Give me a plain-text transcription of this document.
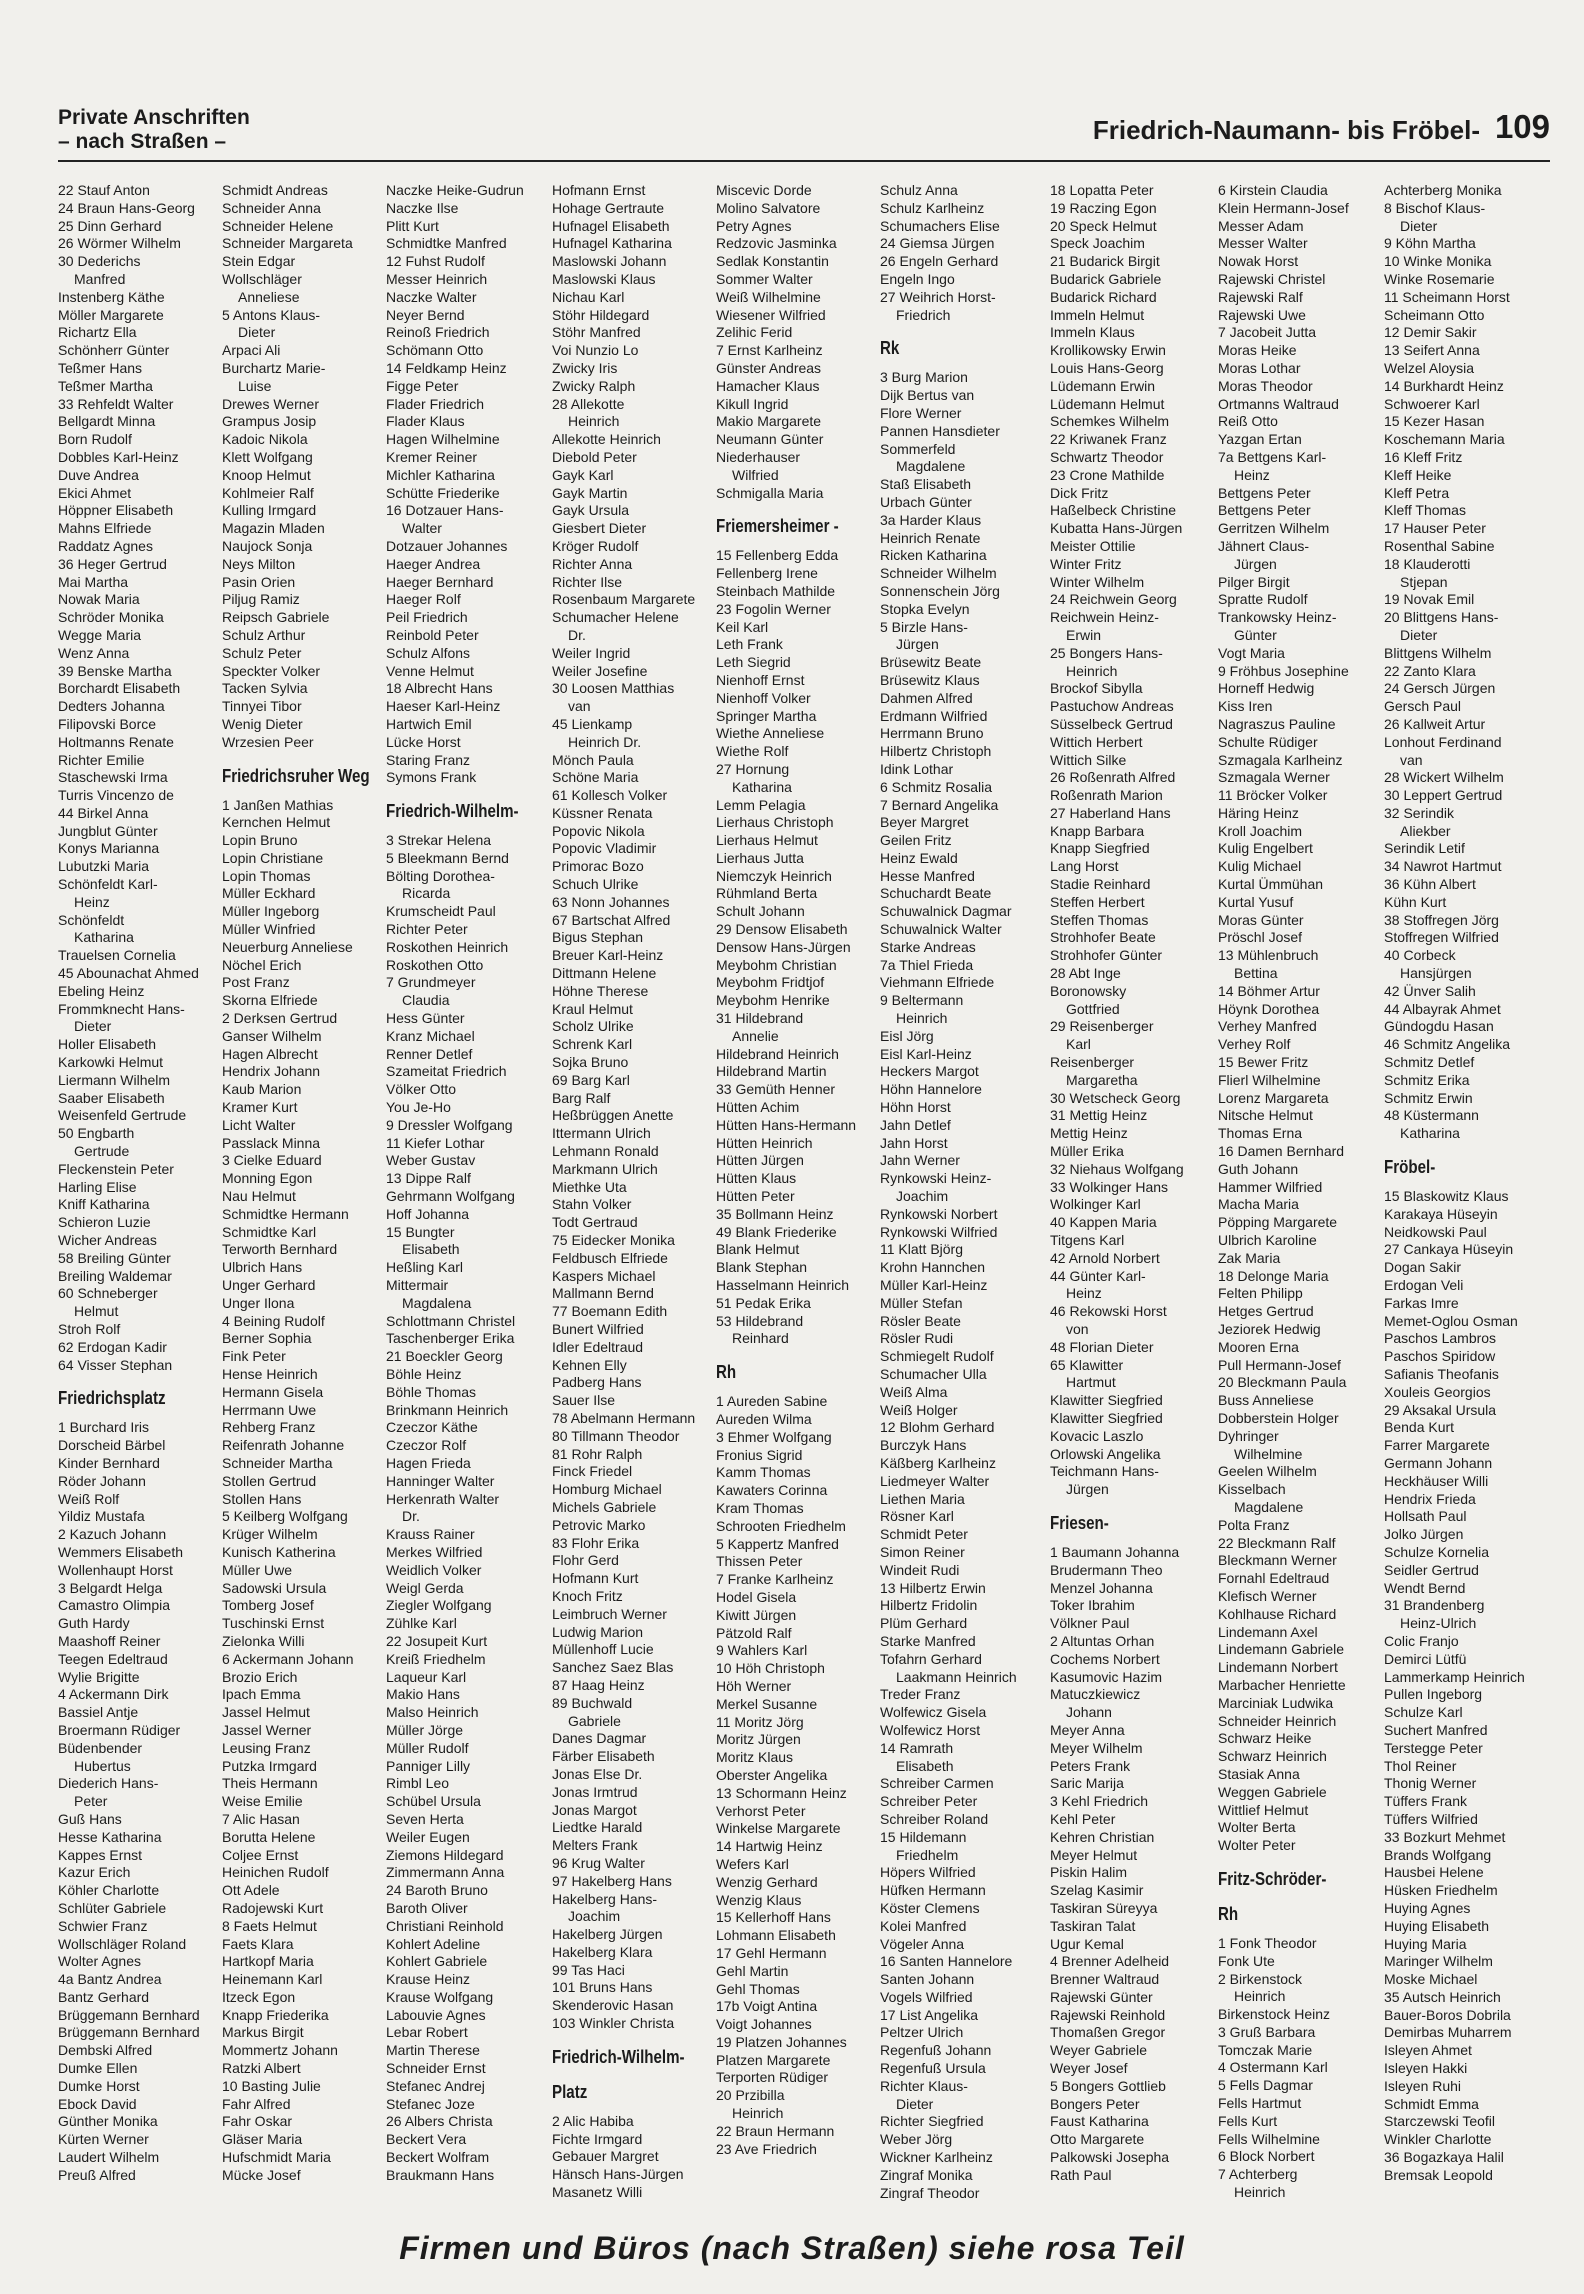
Private Anschriften
– nach Straßen –	Friedrich-Naumann- bis Fröbel- 109
22 Stauf Anton
24 Braun Hans-Georg
25 Dinn Gerhard
26 Wörmer Wilhelm
30 Dederichs
Manfred
Instenberg Käthe
Möller Margarete
Richartz Ella
Schönherr Günter
Teßmer Hans
Teßmer Martha
33 Rehfeldt Walter
Bellgardt Minna
Born Rudolf
Dobbles Karl-Heinz
Duve Andrea
Ekici Ahmet
Höppner Elisabeth
Mahns Elfriede
Raddatz Agnes
36 Heger Gertrud
Mai Martha
Nowak Maria
Schröder Monika
Wegge Maria
Wenz Anna
39 Benske Martha
Borchardt Elisabeth
Dedters Johanna
Filipovski Borce
Holtmanns Renate
Richter Emilie
Staschewski Irma
Turris Vincenzo de
44 Birkel Anna
Jungblut Günter
Konys Marianna
Lubutzki Maria
Schönfeldt Karl-
Heinz
Schönfeldt
Katharina
Trauelsen Cornelia
45 Abounachat Ahmed
Ebeling Heinz
Frommknecht Hans-
Dieter
Holler Elisabeth
Karkowki Helmut
Liermann Wilhelm
Saaber Elisabeth
Weisenfeld Gertrude
50 Engbarth
Gertrude
Fleckenstein Peter
Harling Elise
Kniff Katharina
Schieron Luzie
Wicher Andreas
58 Breiling Günter
Breiling Waldemar
60 Schneberger
Helmut
Stroh Rolf
62 Erdogan Kadir
64 Visser Stephan
Friedrichsplatz
1 Burchard Iris
Dorscheid Bärbel
Kinder Bernhard
Röder Johann
Weiß Rolf
Yildiz Mustafa
2 Kazuch Johann
Wemmers Elisabeth
Wollenhaupt Horst
3 Belgardt Helga
Camastro Olimpia
Guth Hardy
Maashoff Reiner
Teegen Edeltraud
Wylie Brigitte
4 Ackermann Dirk
Bassiel Antje
Broermann Rüdiger
Büdenbender
Hubertus
Diederich Hans-
Peter
Guß Hans
Hesse Katharina
Kappes Ernst
Kazur Erich
Köhler Charlotte
Schlüter Gabriele
Schwier Franz
Wollschläger Roland
Wolter Agnes
4a Bantz Andrea
Bantz Gerhard
Brüggemann Bernhard
Brüggemann Bernhard
Dembski Alfred
Dumke Ellen
Dumke Horst
Ebock David
Günther Monika
Kürten Werner
Laudert Wilhelm
Preuß Alfred
Schmidt Andreas
Schneider Anna
Schneider Helene
Schneider Margareta
Stein Edgar
Wollschläger
Anneliese
5 Antons Klaus-
Dieter
Arpaci Ali
Burchartz Marie-
Luise
Drewes Werner
Grampus Josip
Kadoic Nikola
Klett Wolfgang
Knoop Helmut
Kohlmeier Ralf
Kulling Irmgard
Magazin Mladen
Naujock Sonja
Neys Milton
Pasin Orien
Piljug Ramiz
Reipsch Gabriele
Schulz Arthur
Schulz Peter
Speckter Volker
Tacken Sylvia
Tinnyei Tibor
Wenig Dieter
Wrzesien Peer
Friedrichsruher Weg
1 Janßen Mathias
Kernchen Helmut
Lopin Bruno
Lopin Christiane
Lopin Thomas
Müller Eckhard
Müller Ingeborg
Müller Winfried
Neuerburg Anneliese
Nöchel Erich
Post Franz
Skorna Elfriede
2 Derksen Gertrud
Ganser Wilhelm
Hagen Albrecht
Hendrix Johann
Kaub Marion
Kramer Kurt
Licht Walter
Passlack Minna
3 Cielke Eduard
Monning Egon
Nau Helmut
Schmidtke Hermann
Schmidtke Karl
Terworth Bernhard
Ulbrich Hans
Unger Gerhard
Unger Ilona
4 Beining Rudolf
Berner Sophia
Fink Peter
Hense Heinrich
Hermann Gisela
Herrmann Uwe
Rehberg Franz
Reifenrath Johanne
Schneider Martha
Stollen Gertrud
Stollen Hans
5 Keilberg Wolfgang
Krüger Wilhelm
Kunisch Katherina
Müller Uwe
Sadowski Ursula
Tomberg Josef
Tuschinski Ernst
Zielonka Willi
6 Ackermann Johann
Brozio Erich
Ipach Emma
Jassel Helmut
Jassel Werner
Leusing Franz
Putzka Irmgard
Theis Hermann
Weise Emilie
7 Alic Hasan
Borutta Helene
Coljee Ernst
Heinichen Rudolf
Ott Adele
Radojewski Kurt
8 Faets Helmut
Faets Klara
Hartkopf Maria
Heinemann Karl
Itzeck Egon
Knapp Friederika
Markus Birgit
Mommertz Johann
Ratzki Albert
10 Basting Julie
Fahr Alfred
Fahr Oskar
Gläser Maria
Hufschmidt Maria
Mücke Josef
Naczke Heike-Gudrun
Naczke Ilse
Plitt Kurt
Schmidtke Manfred
12 Fuhst Rudolf
Messer Heinrich
Naczke Walter
Neyer Bernd
Reinoß Friedrich
Schömann Otto
14 Feldkamp Heinz
Figge Peter
Flader Friedrich
Flader Klaus
Hagen Wilhelmine
Kremer Reiner
Michler Katharina
Schütte Friederike
16 Dotzauer Hans-
Walter
Dotzauer Johannes
Haeger Andrea
Haeger Bernhard
Haeger Rolf
Peil Friedrich
Reinbold Peter
Schulz Alfons
Venne Helmut
18 Albrecht Hans
Haeser Karl-Heinz
Hartwich Emil
Lücke Horst
Staring Franz
Symons Frank
Friedrich-Wilhelm-
3 Strekar Helena
5 Bleekmann Bernd
Bölting Dorothea-
Ricarda
Krumscheidt Paul
Richter Peter
Roskothen Heinrich
Roskothen Otto
7 Grundmeyer
Claudia
Hess Günter
Kranz Michael
Renner Detlef
Szameitat Friedrich
Völker Otto
You Je-Ho
9 Dressler Wolfgang
11 Kiefer Lothar
Weber Gustav
13 Dippe Ralf
Gehrmann Wolfgang
Hoff Johanna
15 Bungter
Elisabeth
Heßling Karl
Mittermair
Magdalena
Schlottmann Christel
Taschenberger Erika
21 Boeckler Georg
Böhle Heinz
Böhle Thomas
Brinkmann Heinrich
Czeczor Käthe
Czeczor Rolf
Hagen Frieda
Hanninger Walter
Herkenrath Walter
Dr.
Krauss Rainer
Merkes Wilfried
Weidlich Volker
Weigl Gerda
Ziegler Wolfgang
Zühlke Karl
22 Josupeit Kurt
Kreiß Friedhelm
Laqueur Karl
Makio Hans
Malso Heinrich
Müller Jörge
Müller Rudolf
Panniger Lilly
Rimbl Leo
Schübel Ursula
Seven Herta
Weiler Eugen
Ziemons Hildegard
Zimmermann Anna
24 Baroth Bruno
Baroth Oliver
Christiani Reinhold
Kohlert Adeline
Kohlert Gabriele
Krause Heinz
Krause Wolfgang
Labouvie Agnes
Lebar Robert
Martin Therese
Schneider Ernst
Stefanec Andrej
Stefanec Joze
26 Albers Christa
Beckert Vera
Beckert Wolfram
Braukmann Hans
Hofmann Ernst
Hohage Gertraute
Hufnagel Elisabeth
Hufnagel Katharina
Maslowski Johann
Maslowski Klaus
Nichau Karl
Stöhr Hildegard
Stöhr Manfred
Voi Nunzio Lo
Zwicky Iris
Zwicky Ralph
28 Allekotte
Heinrich
Allekotte Heinrich
Diebold Peter
Gayk Karl
Gayk Martin
Gayk Ursula
Giesbert Dieter
Kröger Rudolf
Richter Anna
Richter Ilse
Rosenbaum Margarete
Schumacher Helene
Dr.
Weiler Ingrid
Weiler Josefine
30 Loosen Matthias
van
45 Lienkamp
Heinrich Dr.
Mönch Paula
Schöne Maria
61 Kollesch Volker
Küssner Renata
Popovic Nikola
Popovic Vladimir
Primorac Bozo
Schuch Ulrike
63 Nonn Johannes
67 Bartschat Alfred
Bigus Stephan
Breuer Karl-Heinz
Dittmann Helene
Höhne Therese
Kraul Helmut
Scholz Ulrike
Schrenk Karl
Sojka Bruno
69 Barg Karl
Barg Ralf
Heßbrüggen Anette
Ittermann Ulrich
Lehmann Ronald
Markmann Ulrich
Miethke Uta
Stahn Volker
Todt Gertraud
75 Eidecker Monika
Feldbusch Elfriede
Kaspers Michael
Mallmann Bernd
77 Boemann Edith
Bunert Wilfried
Idler Edeltraud
Kehnen Elly
Padberg Hans
Sauer Ilse
78 Abelmann Hermann
80 Tillmann Theodor
81 Rohr Ralph
Finck Friedel
Homburg Michael
Michels Gabriele
Petrovic Marko
83 Flohr Erika
Flohr Gerd
Hofmann Kurt
Knoch Fritz
Leimbruch Werner
Ludwig Marion
Müllenhoff Lucie
Sanchez Saez Blas
87 Haag Heinz
89 Buchwald
Gabriele
Danes Dagmar
Färber Elisabeth
Jonas Else Dr.
Jonas Irmtrud
Jonas Margot
Liedtke Harald
Melters Frank
96 Krug Walter
97 Hakelberg Hans
Hakelberg Hans-
Joachim
Hakelberg Jürgen
Hakelberg Klara
99 Tas Haci
101 Bruns Hans
Skenderovic Hasan
103 Winkler Christa
Friedrich-Wilhelm-
Platz
2 Alic Habiba
Fichte Irmgard
Gebauer Margret
Hänsch Hans-Jürgen
Masanetz Willi
Miscevic Dorde
Molino Salvatore
Petry Agnes
Redzovic Jasminka
Sedlak Konstantin
Sommer Walter
Weiß Wilhelmine
Wiesener Wilfried
Zelihic Ferid
7 Ernst Karlheinz
Günster Andreas
Hamacher Klaus
Kikull Ingrid
Makio Margarete
Neumann Günter
Niederhauser
Wilfried
Schmigalla Maria
Friemersheimer -
15 Fellenberg Edda
Fellenberg Irene
Steinbach Mathilde
23 Fogolin Werner
Keil Karl
Leth Frank
Leth Siegrid
Nienhoff Ernst
Nienhoff Volker
Springer Martha
Wiethe Anneliese
Wiethe Rolf
27 Hornung
Katharina
Lemm Pelagia
Lierhaus Christoph
Lierhaus Helmut
Lierhaus Jutta
Niemczyk Heinrich
Rühmland Berta
Schult Johann
29 Densow Elisabeth
Densow Hans-Jürgen
Meybohm Christian
Meybohm Fridtjof
Meybohm Henrike
31 Hildebrand
Annelie
Hildebrand Heinrich
Hildebrand Martin
33 Gemüth Henner
Hütten Achim
Hütten Hans-Hermann
Hütten Heinrich
Hütten Jürgen
Hütten Klaus
Hütten Peter
35 Bollmann Heinz
49 Blank Friederike
Blank Helmut
Blank Stephan
Hasselmann Heinrich
51 Pedak Erika
53 Hildebrand
Reinhard
Rh
1 Aureden Sabine
Aureden Wilma
3 Ehmer Wolfgang
Fronius Sigrid
Kamm Thomas
Kawaters Corinna
Kram Thomas
Schrooten Friedhelm
5 Kappertz Manfred
Thissen Peter
7 Franke Karlheinz
Hodel Gisela
Kiwitt Jürgen
Pätzold Ralf
9 Wahlers Karl
10 Höh Christoph
Höh Werner
Merkel Susanne
11 Moritz Jörg
Moritz Jürgen
Moritz Klaus
Oberster Angelika
13 Schormann Heinz
Verhorst Peter
Winkelse Margarete
14 Hartwig Heinz
Wefers Karl
Wenzig Gerhard
Wenzig Klaus
15 Kellerhoff Hans
Lohmann Elisabeth
17 Gehl Hermann
Gehl Martin
Gehl Thomas
17b Voigt Antina
Voigt Johannes
19 Platzen Johannes
Platzen Margarete
Terporten Rüdiger
20 Przibilla
Heinrich
22 Braun Hermann
23 Ave Friedrich
Schulz Anna
Schulz Karlheinz
Schumachers Elise
24 Giemsa Jürgen
26 Engeln Gerhard
Engeln Ingo
27 Weihrich Horst-
Friedrich
Rk
3 Burg Marion
Dijk Bertus van
Flore Werner
Pannen Hansdieter
Sommerfeld
Magdalene
Staß Elisabeth
Urbach Günter
3a Harder Klaus
Heinrich Renate
Ricken Katharina
Schneider Wilhelm
Sonnenschein Jörg
Stopka Evelyn
5 Birzle Hans-
Jürgen
Brüsewitz Beate
Brüsewitz Klaus
Dahmen Alfred
Erdmann Wilfried
Herrmann Bruno
Hilbertz Christoph
Idink Lothar
6 Schmitz Rosalia
7 Bernard Angelika
Beyer Margret
Geilen Fritz
Heinz Ewald
Hesse Manfred
Schuchardt Beate
Schuwalnick Dagmar
Schuwalnick Walter
Starke Andreas
7a Thiel Frieda
Viehmann Elfriede
9 Beltermann
Heinrich
Eisl Jörg
Eisl Karl-Heinz
Heckers Margot
Höhn Hannelore
Höhn Horst
Jahn Detlef
Jahn Horst
Jahn Werner
Rynkowski Heinz-
Joachim
Rynkowski Norbert
Rynkowski Wilfried
11 Klatt Björg
Krohn Hannchen
Müller Karl-Heinz
Müller Stefan
Rösler Beate
Rösler Rudi
Schmiegelt Rudolf
Schumacher Ulla
Weiß Alma
Weiß Holger
12 Blohm Gerhard
Burczyk Hans
Käßberg Karlheinz
Liedmeyer Walter
Liethen Maria
Rösner Karl
Schmidt Peter
Simon Reiner
Windeit Rudi
13 Hilbertz Erwin
Hilbertz Fridolin
Plüm Gerhard
Starke Manfred
Tofahrn Gerhard
Laakmann Heinrich
Treder Franz
Wolfewicz Gisela
Wolfewicz Horst
14 Ramrath
Elisabeth
Schreiber Carmen
Schreiber Peter
Schreiber Roland
15 Hildemann
Friedhelm
Höpers Wilfried
Hüfken Hermann
Köster Clemens
Kolei Manfred
Vögeler Anna
16 Santen Hannelore
Santen Johann
Vogels Wilfried
17 List Angelika
Peltzer Ulrich
Regenfuß Johann
Regenfuß Ursula
Richter Klaus-
Dieter
Richter Siegfried
Weber Jörg
Wickner Karlheinz
Zingraf Monika
Zingraf Theodor
18 Lopatta Peter
19 Raczing Egon
20 Speck Helmut
Speck Joachim
21 Budarick Birgit
Budarick Gabriele
Budarick Richard
Immeln Helmut
Immeln Klaus
Krollikowsky Erwin
Louis Hans-Georg
Lüdemann Erwin
Lüdemann Helmut
Schemkes Wilhelm
22 Kriwanek Franz
Schwartz Theodor
23 Crone Mathilde
Dick Fritz
Haßelbeck Christine
Kubatta Hans-Jürgen
Meister Ottilie
Winter Fritz
Winter Wilhelm
24 Reichwein Georg
Reichwein Heinz-
Erwin
25 Bongers Hans-
Heinrich
Brockof Sibylla
Pastuchow Andreas
Süsselbeck Gertrud
Wittich Herbert
Wittich Silke
26 Roßenrath Alfred
Roßenrath Marion
27 Haberland Hans
Knapp Barbara
Knapp Siegfried
Lang Horst
Stadie Reinhard
Steffen Herbert
Steffen Thomas
Strohhofer Beate
Strohhofer Günter
28 Abt Inge
Boronowsky
Gottfried
29 Reisenberger
Karl
Reisenberger
Margaretha
30 Wetscheck Georg
31 Mettig Heinz
Mettig Heinz
Müller Erika
32 Niehaus Wolfgang
33 Wolkinger Hans
Wolkinger Karl
40 Kappen Maria
Titgens Karl
42 Arnold Norbert
44 Günter Karl-
Heinz
46 Rekowski Horst
von
48 Florian Dieter
65 Klawitter
Hartmut
Klawitter Siegfried
Klawitter Siegfried
Kovacic Laszlo
Orlowski Angelika
Teichmann Hans-
Jürgen
Friesen-
1 Baumann Johanna
Brudermann Theo
Menzel Johanna
Toker Ibrahim
Völkner Paul
2 Altuntas Orhan
Cochems Norbert
Kasumovic Hazim
Matuczkiewicz
Johann
Meyer Anna
Meyer Wilhelm
Peters Frank
Saric Marija
3 Kehl Friedrich
Kehl Peter
Kehren Christian
Meyer Helmut
Piskin Halim
Szelag Kasimir
Taskiran Süreyya
Taskiran Talat
Ugur Kemal
4 Brenner Adelheid
Brenner Waltraud
Rajewski Günter
Rajewski Reinhold
Thomaßen Gregor
Weyer Gabriele
Weyer Josef
5 Bongers Gottlieb
Bongers Peter
Faust Katharina
Otto Margarete
Palkowski Josepha
Rath Paul
6 Kirstein Claudia
Klein Hermann-Josef
Messer Adam
Messer Walter
Nowak Horst
Rajewski Christel
Rajewski Ralf
Rajewski Uwe
7 Jacobeit Jutta
Moras Heike
Moras Lothar
Moras Theodor
Ortmanns Waltraud
Reiß Otto
Yazgan Ertan
7a Bettgens Karl-
Heinz
Bettgens Peter
Bettgens Peter
Gerritzen Wilhelm
Jähnert Claus-
Jürgen
Pilger Birgit
Spratte Rudolf
Trankowsky Heinz-
Günter
Vogt Maria
9 Fröhbus Josephine
Horneff Hedwig
Kiss Iren
Nagraszus Pauline
Schulte Rüdiger
Szmagala Karlheinz
Szmagala Werner
11 Bröcker Volker
Häring Heinz
Kroll Joachim
Kulig Engelbert
Kulig Michael
Kurtal Ümmühan
Kurtal Yusuf
Moras Günter
Pröschl Josef
13 Mühlenbruch
Bettina
14 Böhmer Artur
Höynk Dorothea
Verhey Manfred
Verhey Rolf
15 Bewer Fritz
Flierl Wilhelmine
Lorenz Margareta
Nitsche Helmut
Thomas Erna
16 Damen Bernhard
Guth Johann
Hammer Wilfried
Macha Maria
Pöpping Margarete
Ulbrich Karoline
Zak Maria
18 Delonge Maria
Felten Philipp
Hetges Gertrud
Jeziorek Hedwig
Mooren Erna
Pull Hermann-Josef
20 Bleckmann Paula
Buss Anneliese
Dobberstein Holger
Dyhringer
Wilhelmine
Geelen Wilhelm
Kisselbach
Magdalene
Polta Franz
22 Bleckmann Ralf
Bleckmann Werner
Fornahl Edeltraud
Klefisch Werner
Kohlhause Richard
Lindemann Axel
Lindemann Gabriele
Lindemann Norbert
Marbacher Henriette
Marciniak Ludwika
Schneider Heinrich
Schwarz Heike
Schwarz Heinrich
Stasiak Anna
Weggen Gabriele
Wittlief Helmut
Wolter Berta
Wolter Peter
Fritz-Schröder-
Rh
1 Fonk Theodor
Fonk Ute
2 Birkenstock
Heinrich
Birkenstock Heinz
3 Gruß Barbara
Tomczak Marie
4 Ostermann Karl
5 Fells Dagmar
Fells Hartmut
Fells Kurt
Fells Wilhelmine
6 Block Norbert
7 Achterberg
Heinrich
Achterberg Monika
8 Bischof Klaus-
Dieter
9 Köhn Martha
10 Winke Monika
Winke Rosemarie
11 Scheimann Horst
Scheimann Otto
12 Demir Sakir
13 Seifert Anna
Welzel Aloysia
14 Burkhardt Heinz
Schwoerer Karl
15 Kezer Hasan
Koschemann Maria
16 Kleff Fritz
Kleff Heike
Kleff Petra
Kleff Thomas
17 Hauser Peter
Rosenthal Sabine
18 Klauderotti
Stjepan
19 Novak Emil
20 Blittgens Hans-
Dieter
Blittgens Wilhelm
22 Zanto Klara
24 Gersch Jürgen
Gersch Paul
26 Kallweit Artur
Lonhout Ferdinand
van
28 Wickert Wilhelm
30 Leppert Gertrud
32 Serindik
Aliekber
Serindik Letif
34 Nawrot Hartmut
36 Kühn Albert
Kühn Kurt
38 Stoffregen Jörg
Stoffregen Wilfried
40 Corbeck
Hansjürgen
42 Ünver Salih
44 Albayrak Ahmet
Gündogdu Hasan
46 Schmitz Angelika
Schmitz Detlef
Schmitz Erika
Schmitz Erwin
48 Küstermann
Katharina
Fröbel-
15 Blaskowitz Klaus
Karakaya Hüseyin
Neidkowski Paul
27 Cankaya Hüseyin
Dogan Sakir
Erdogan Veli
Farkas Imre
Memet-Oglou Osman
Paschos Lambros
Paschos Spiridow
Safianis Theofanis
Xouleis Georgios
29 Aksakal Ursula
Benda Kurt
Farrer Margarete
Germann Johann
Heckhäuser Willi
Hendrix Frieda
Hollsath Paul
Jolko Jürgen
Schulze Kornelia
Seidler Gertrud
Wendt Bernd
31 Brandenberg
Heinz-Ulrich
Colic Franjo
Demirci Lütfü
Lammerkamp Heinrich
Pullen Ingeborg
Schulze Karl
Suchert Manfred
Terstegge Peter
Thol Reiner
Thonig Werner
Tüffers Frank
Tüffers Wilfried
33 Bozkurt Mehmet
Brands Wolfgang
Hausbei Helene
Hüsken Friedhelm
Huying Agnes
Huying Elisabeth
Huying Maria
Maringer Wilhelm
Moske Michael
35 Autsch Heinrich
Bauer-Boros Dobrila
Demirbas Muharrem
Isleyen Ahmet
Isleyen Hakki
Isleyen Ruhi
Schmidt Emma
Starczewski Teofil
Winkler Charlotte
36 Bogazkaya Halil
Bremsak Leopold
Firmen und Büros (nach Straßen) siehe rosa Teil
